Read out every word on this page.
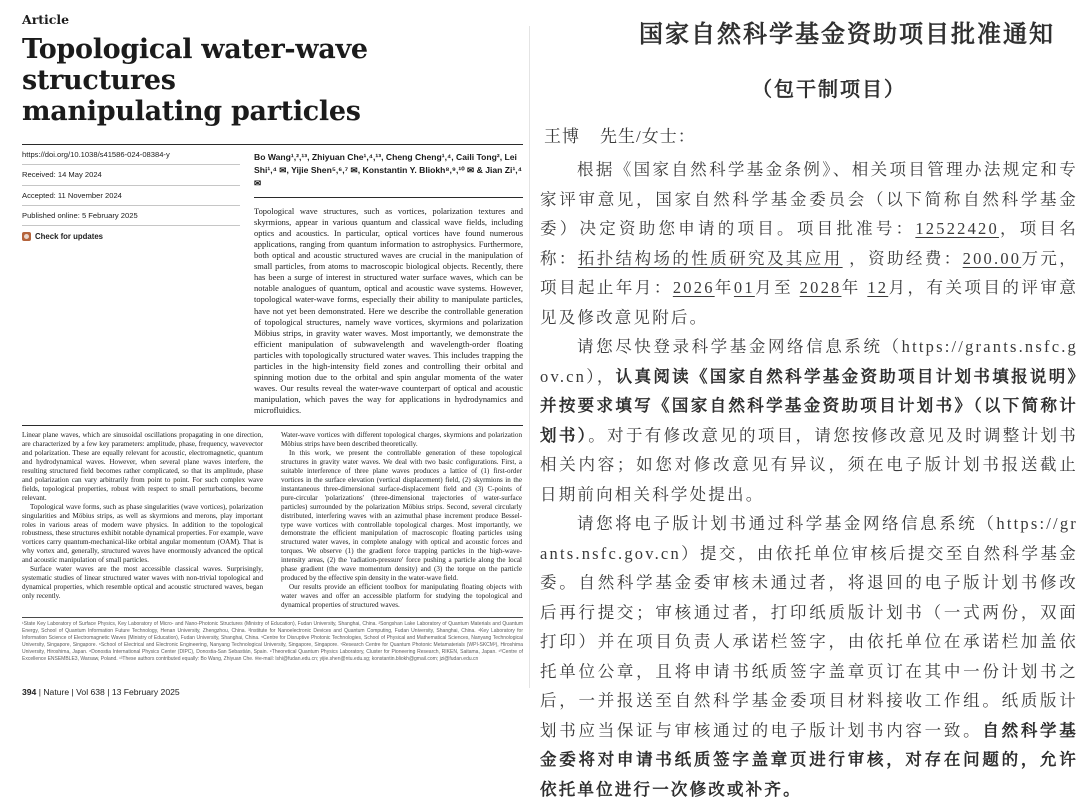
Article
Topological water-wave structures
manipulating particles
https://doi.org/10.1038/s41586-024-08384-y
Received: 14 May 2024
Accepted: 11 November 2024
Published online: 5 February 2025
Check for updates
Bo Wang¹,²,¹³, Zhiyuan Che¹,⁴,¹³, Cheng Cheng¹,⁴, Caili Tong², Lei Shi¹,⁴ ✉, Yijie Shen⁵,⁶,⁷ ✉, Konstantin Y. Bliokh⁸,⁹,¹⁰ ✉ & Jian Zi¹,⁴ ✉
Topological wave structures, such as vortices, polarization textures and skyrmions, appear in various quantum and classical wave fields, including optics and acoustics. In particular, optical vortices have found numerous applications, ranging from quantum information to astrophysics. Furthermore, both optical and acoustic structured waves are crucial in the manipulation of small particles, from atoms to macroscopic biological objects. Recently, there has been a surge of interest in structured water surface waves, which can be notable analogues of quantum, optical and acoustic wave systems. However, topological water-wave forms, especially their ability to manipulate particles, have not yet been demonstrated. Here we describe the controllable generation of topological structures, namely wave vortices, skyrmions and polarization Möbius strips, in gravity water waves. Most importantly, we demonstrate the efficient manipulation of subwavelength and wavelength-order floating particles with topologically structured water waves. This includes trapping the particles in the high-intensity field zones and controlling their orbital and spinning motion due to the orbital and spin angular momenta of the water waves. Our results reveal the water-wave counterpart of optical and acoustic manipulation, which paves the way for applications in hydrodynamics and microfluidics.

Linear plane waves, which are sinusoidal oscillations propagating in one direction, are characterized by a few key parameters: amplitude, phase, frequency, wavevector and polarization. These are equally relevant for acoustic, electromagnetic, quantum and hydrodynamical waves. However, when several plane waves interfere, the resulting structured field becomes rather complicated, so that its amplitude, phase and polarization can vary arbitrarily from point to point. For such complex wave fields, topological properties, robust with respect to small perturbations, become relevant.

Topological wave forms, such as phase singularities (wave vortices), polarization singularities and Möbius strips, as well as skyrmions and merons, play important roles in various areas of modern wave physics. In addition to the topological robustness, these structures exhibit notable dynamical properties. For example, wave vortices carry quantum-mechanical-like orbital angular momentum (OAM). That is why vortex and, generally, structured waves have enormously advanced the optical and acoustic manipulation of small particles.

Surface water waves are the most accessible classical waves. Surprisingly, systematic studies of linear structured water waves with non-trivial topological and dynamical properties, which resemble optical and acoustic structured waves, began only recently.

Water-wave vortices with different topological charges, skyrmions and polarization Möbius strips have been described theoretically.

In this work, we present the controllable generation of these topological structures in gravity water waves. We deal with two basic configurations. First, a suitable interference of three plane waves produces a lattice of (1) first-order vortices in the surface elevation (vertical displacement) field, (2) skyrmions in the instantaneous three-dimensional surface-displacement field and (3) C-points of pure-circular 'polarizations' (three-dimensional trajectories of water-surface particles) surrounded by the polarization Möbius strips. Second, several circularly distributed, interfering waves with an azimuthal phase increment produce Bessel-type wave vortices with controllable topological charges. Most importantly, we demonstrate the efficient manipulation of macroscopic floating particles using structured water waves, in complete analogy with optical and acoustic forces and torques. We observe (1) the gradient force trapping particles in the high-wave-intensity areas, (2) the 'radiation-pressure' force pushing a particle along the local phase gradient (the wave momentum density) and (3) the torque on the particle produced by the effective spin density in the water-wave field.

Our results provide an efficient toolbox for manipulating floating objects with water waves and offer an accessible platform for studying the topological and dynamical properties of structured waves.

¹State Key Laboratory of Surface Physics, Key Laboratory of Micro- and Nano-Photonic Structures (Ministry of Education), Fudan University, Shanghai, China. ²Songshan Lake Laboratory of Quantum Materials and Quantum Energy, School of Quantum Information Future Technology, Henan University, Zhengzhou, China. ³Institute for Nanoelectronic Devices and Quantum Computing, Fudan University, Shanghai, China. ⁴Key Laboratory for Information Science of Electromagnetic Waves (Ministry of Education), Fudan University, Shanghai, China. ⁵Centre for Disruptive Photonic Technologies, School of Physical and Mathematical Sciences, Nanyang Technological University, Singapore, Singapore. ⁶School of Electrical and Electronic Engineering, Nanyang Technological University, Singapore, Singapore. ⁷Research Centre for Quantum Photonic Metamaterials (WPI-SKCM²), Hiroshima University, Hiroshima, Japan. ⁸Donostia International Physics Center (DIPC), Donostia-San Sebastián, Spain. ⁹Theoretical Quantum Physics Laboratory, Cluster for Pioneering Research, RIKEN, Saitama, Japan. ¹⁰Centre of Excellence ENSEMBLE3, Warsaw, Poland. ¹³These authors contributed equally: Bo Wang, Zhiyuan Che. ✉e-mail: lshi@fudan.edu.cn; yijie.shen@ntu.edu.sg; konstantin.bliokh@gmail.com; jzi@fudan.edu.cn
394 | Nature | Vol 638 | 13 February 2025
国家自然科学基金资助项目批准通知
（包干制项目）
王博 先生/女士：

根据《国家自然科学基金条例》、相关项目管理办法规定和专家评审意见，国家自然科学基金委员会（以下简称自然科学基金委）决定资助您申请的项目。项目批准号：12522420，项目名称：拓扑结构场的性质研究及其应用 ，资助经费：200.00万元，项目起止年月：2026年01月至 2028年 12月，有关项目的评审意见及修改意见附后。

请您尽快登录科学基金网络信息系统（https://grants.nsfc.gov.cn），认真阅读《国家自然科学基金资助项目计划书填报说明》并按要求填写《国家自然科学基金资助项目计划书》（以下简称计划书）。对于有修改意见的项目，请您按修改意见及时调整计划书相关内容；如您对修改意见有异议，须在电子版计划书报送截止日期前向相关科学处提出。

请您将电子版计划书通过科学基金网络信息系统（https://grants.nsfc.gov.cn）提交，由依托单位审核后提交至自然科学基金委。自然科学基金委审核未通过者，将退回的电子版计划书修改后再行提交；审核通过者，打印纸质版计划书（一式两份，双面打印）并在项目负责人承诺栏签字，由依托单位在承诺栏加盖依托单位公章，且将申请书纸质签字盖章页订在其中一份计划书之后，一并报送至自然科学基金委项目材料接收工作组。纸质版计划书应当保证与审核通过的电子版计划书内容一致。自然科学基金委将对申请书纸质签字盖章页进行审核，对存在问题的，允许依托单位进行一次修改或补齐。
